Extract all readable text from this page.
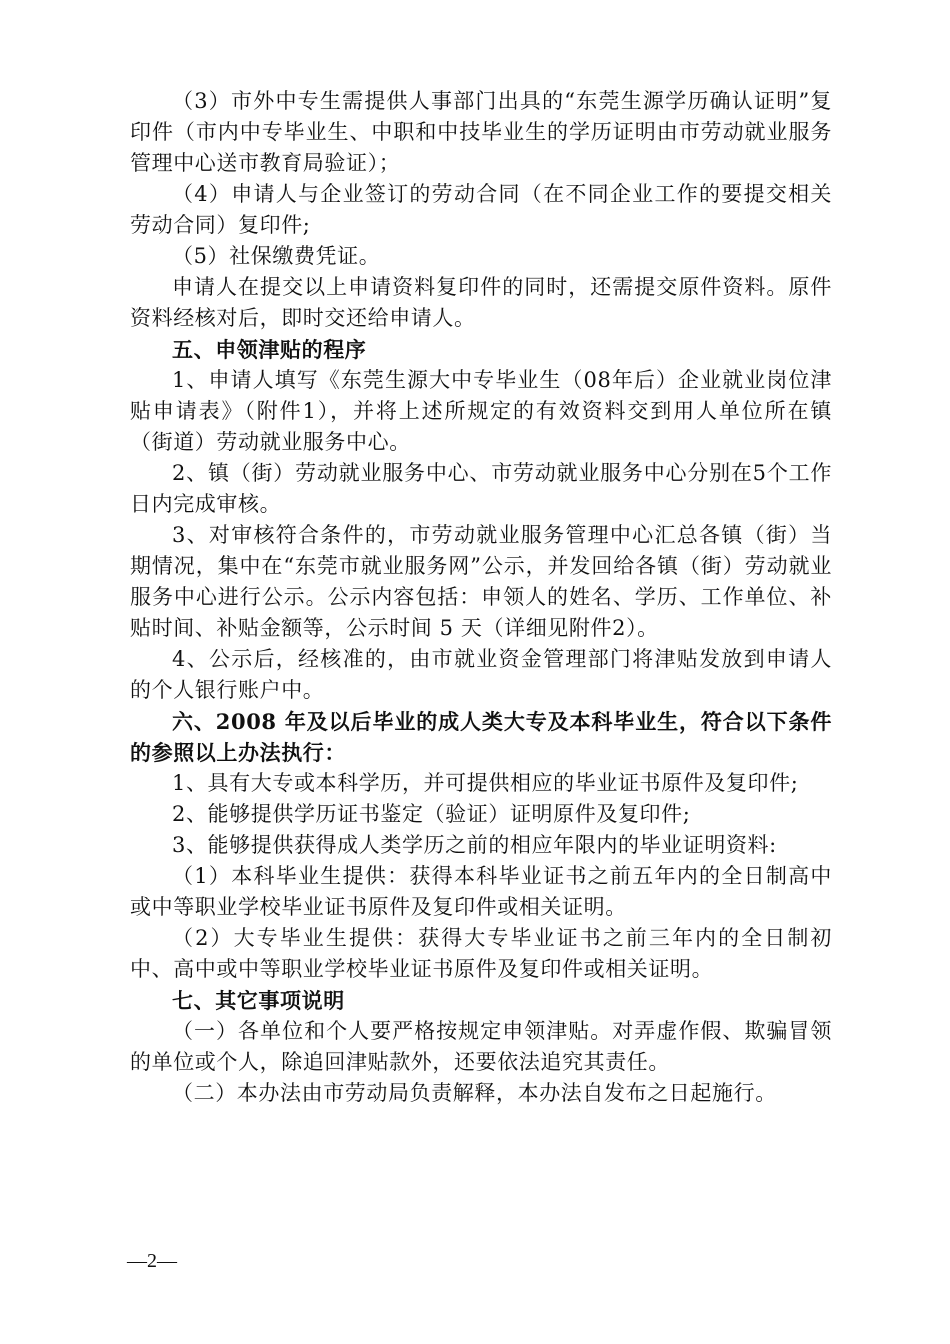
（3）市外中专生需提供人事部门出具的“东莞生源学历确认证明”复印件（市内中专毕业生、中职和中技毕业生的学历证明由市劳动就业服务管理中心送市教育局验证）；

（4）申请人与企业签订的劳动合同（在不同企业工作的要提交相关劳动合同）复印件;

（5）社保缴费凭证。

申请人在提交以上申请资料复印件的同时，还需提交原件资料。原件资料经核对后，即时交还给申请人。

五、申领津贴的程序

1、申请人填写《东莞生源大中专毕业生（08年后）企业就业岗位津贴申请表》（附件1），并将上述所规定的有效资料交到用人单位所在镇（街道）劳动就业服务中心。

2、镇（街）劳动就业服务中心、市劳动就业服务中心分别在5个工作日内完成审核。

3、对审核符合条件的，市劳动就业服务管理中心汇总各镇（街）当期情况，集中在“东莞市就业服务网”公示，并发回给各镇（街）劳动就业服务中心进行公示。公示内容包括：申领人的姓名、学历、工作单位、补贴时间、补贴金额等，公示时间 5 天（详细见附件2）。

4、公示后，经核准的，由市就业资金管理部门将津贴发放到申请人的个人银行账户中。

六、2008 年及以后毕业的成人类大专及本科毕业生，符合以下条件的参照以上办法执行：

1、具有大专或本科学历，并可提供相应的毕业证书原件及复印件;

2、能够提供学历证书鉴定（验证）证明原件及复印件;

3、能够提供获得成人类学历之前的相应年限内的毕业证明资料:

（1）本科毕业生提供：获得本科毕业证书之前五年内的全日制高中或中等职业学校毕业证书原件及复印件或相关证明。

（2）大专毕业生提供：获得大专毕业证书之前三年内的全日制初中、高中或中等职业学校毕业证书原件及复印件或相关证明。

七、其它事项说明

（一）各单位和个人要严格按规定申领津贴。对弄虚作假、欺骗冒领的单位或个人，除追回津贴款外，还要依法追究其责任。

（二）本办法由市劳动局负责解释，本办法自发布之日起施行。

—2—
